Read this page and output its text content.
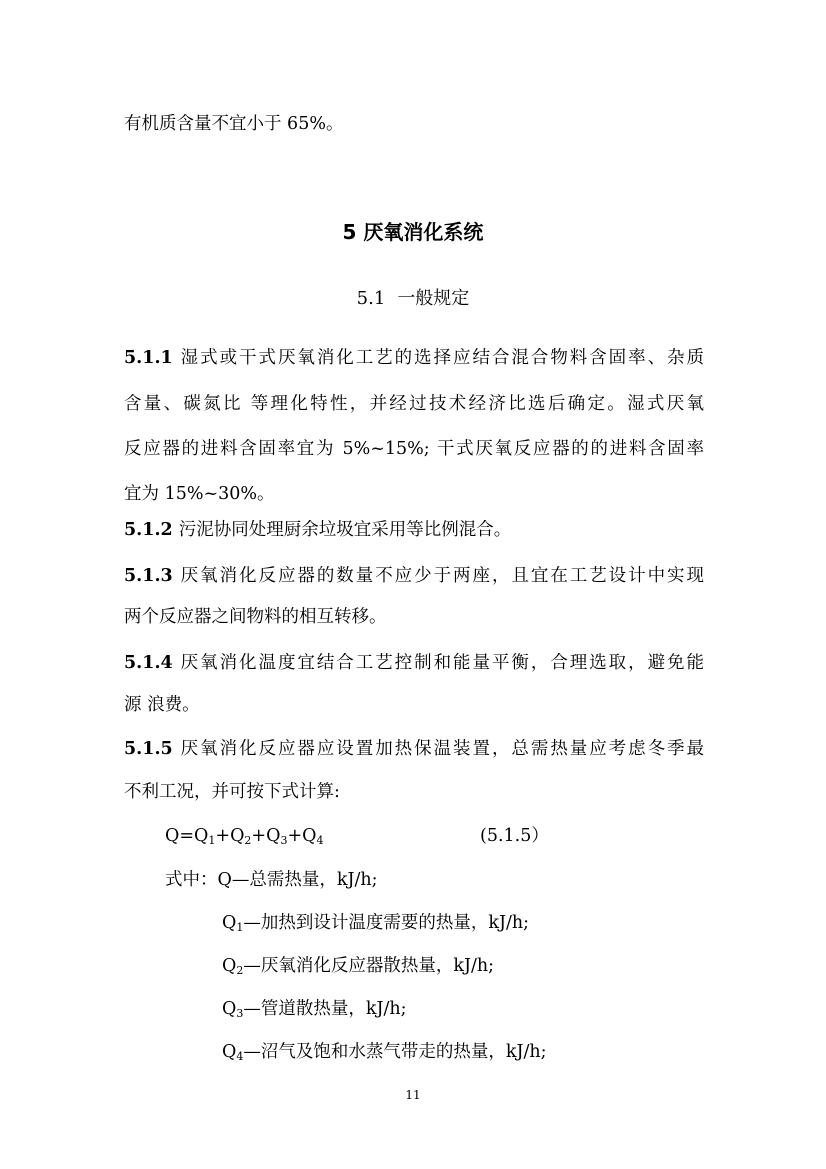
有机质含量不宜小于 65%。
5 厌氧消化系统
5.1 一般规定
5.1.1 湿式或干式厌氧消化工艺的选择应结合混合物料含固率、杂质
含量、碳氮比 等理化特性，并经过技术经济比选后确定。湿式厌氧
反应器的进料含固率宜为 5%~15%; 干式厌氧反应器的的进料含固率
宜为 15%~30%。
5.1.2 污泥协同处理厨余垃圾宜采用等比例混合。
5.1.3 厌氧消化反应器的数量不应少于两座，且宜在工艺设计中实现
两个反应器之间物料的相互转移。
5.1.4 厌氧消化温度宜结合工艺控制和能量平衡，合理选取，避免能
源 浪费。
5.1.5 厌氧消化反应器应设置加热保温装置，总需热量应考虑冬季最
不利工况，并可按下式计算:
$Q=Q_1+Q_2+Q_3+Q_4$	(5.1.5）
式中：Q—总需热量，kJ/h;
$Q_1—$加热到设计温度需要的热量，kJ/h;
$Q_2—$厌氧消化反应器散热量，kJ/h;
$Q_3—$管道散热量，kJ/h;
$Q_4—$沼气及饱和水蒸气带走的热量，kJ/h;
11
